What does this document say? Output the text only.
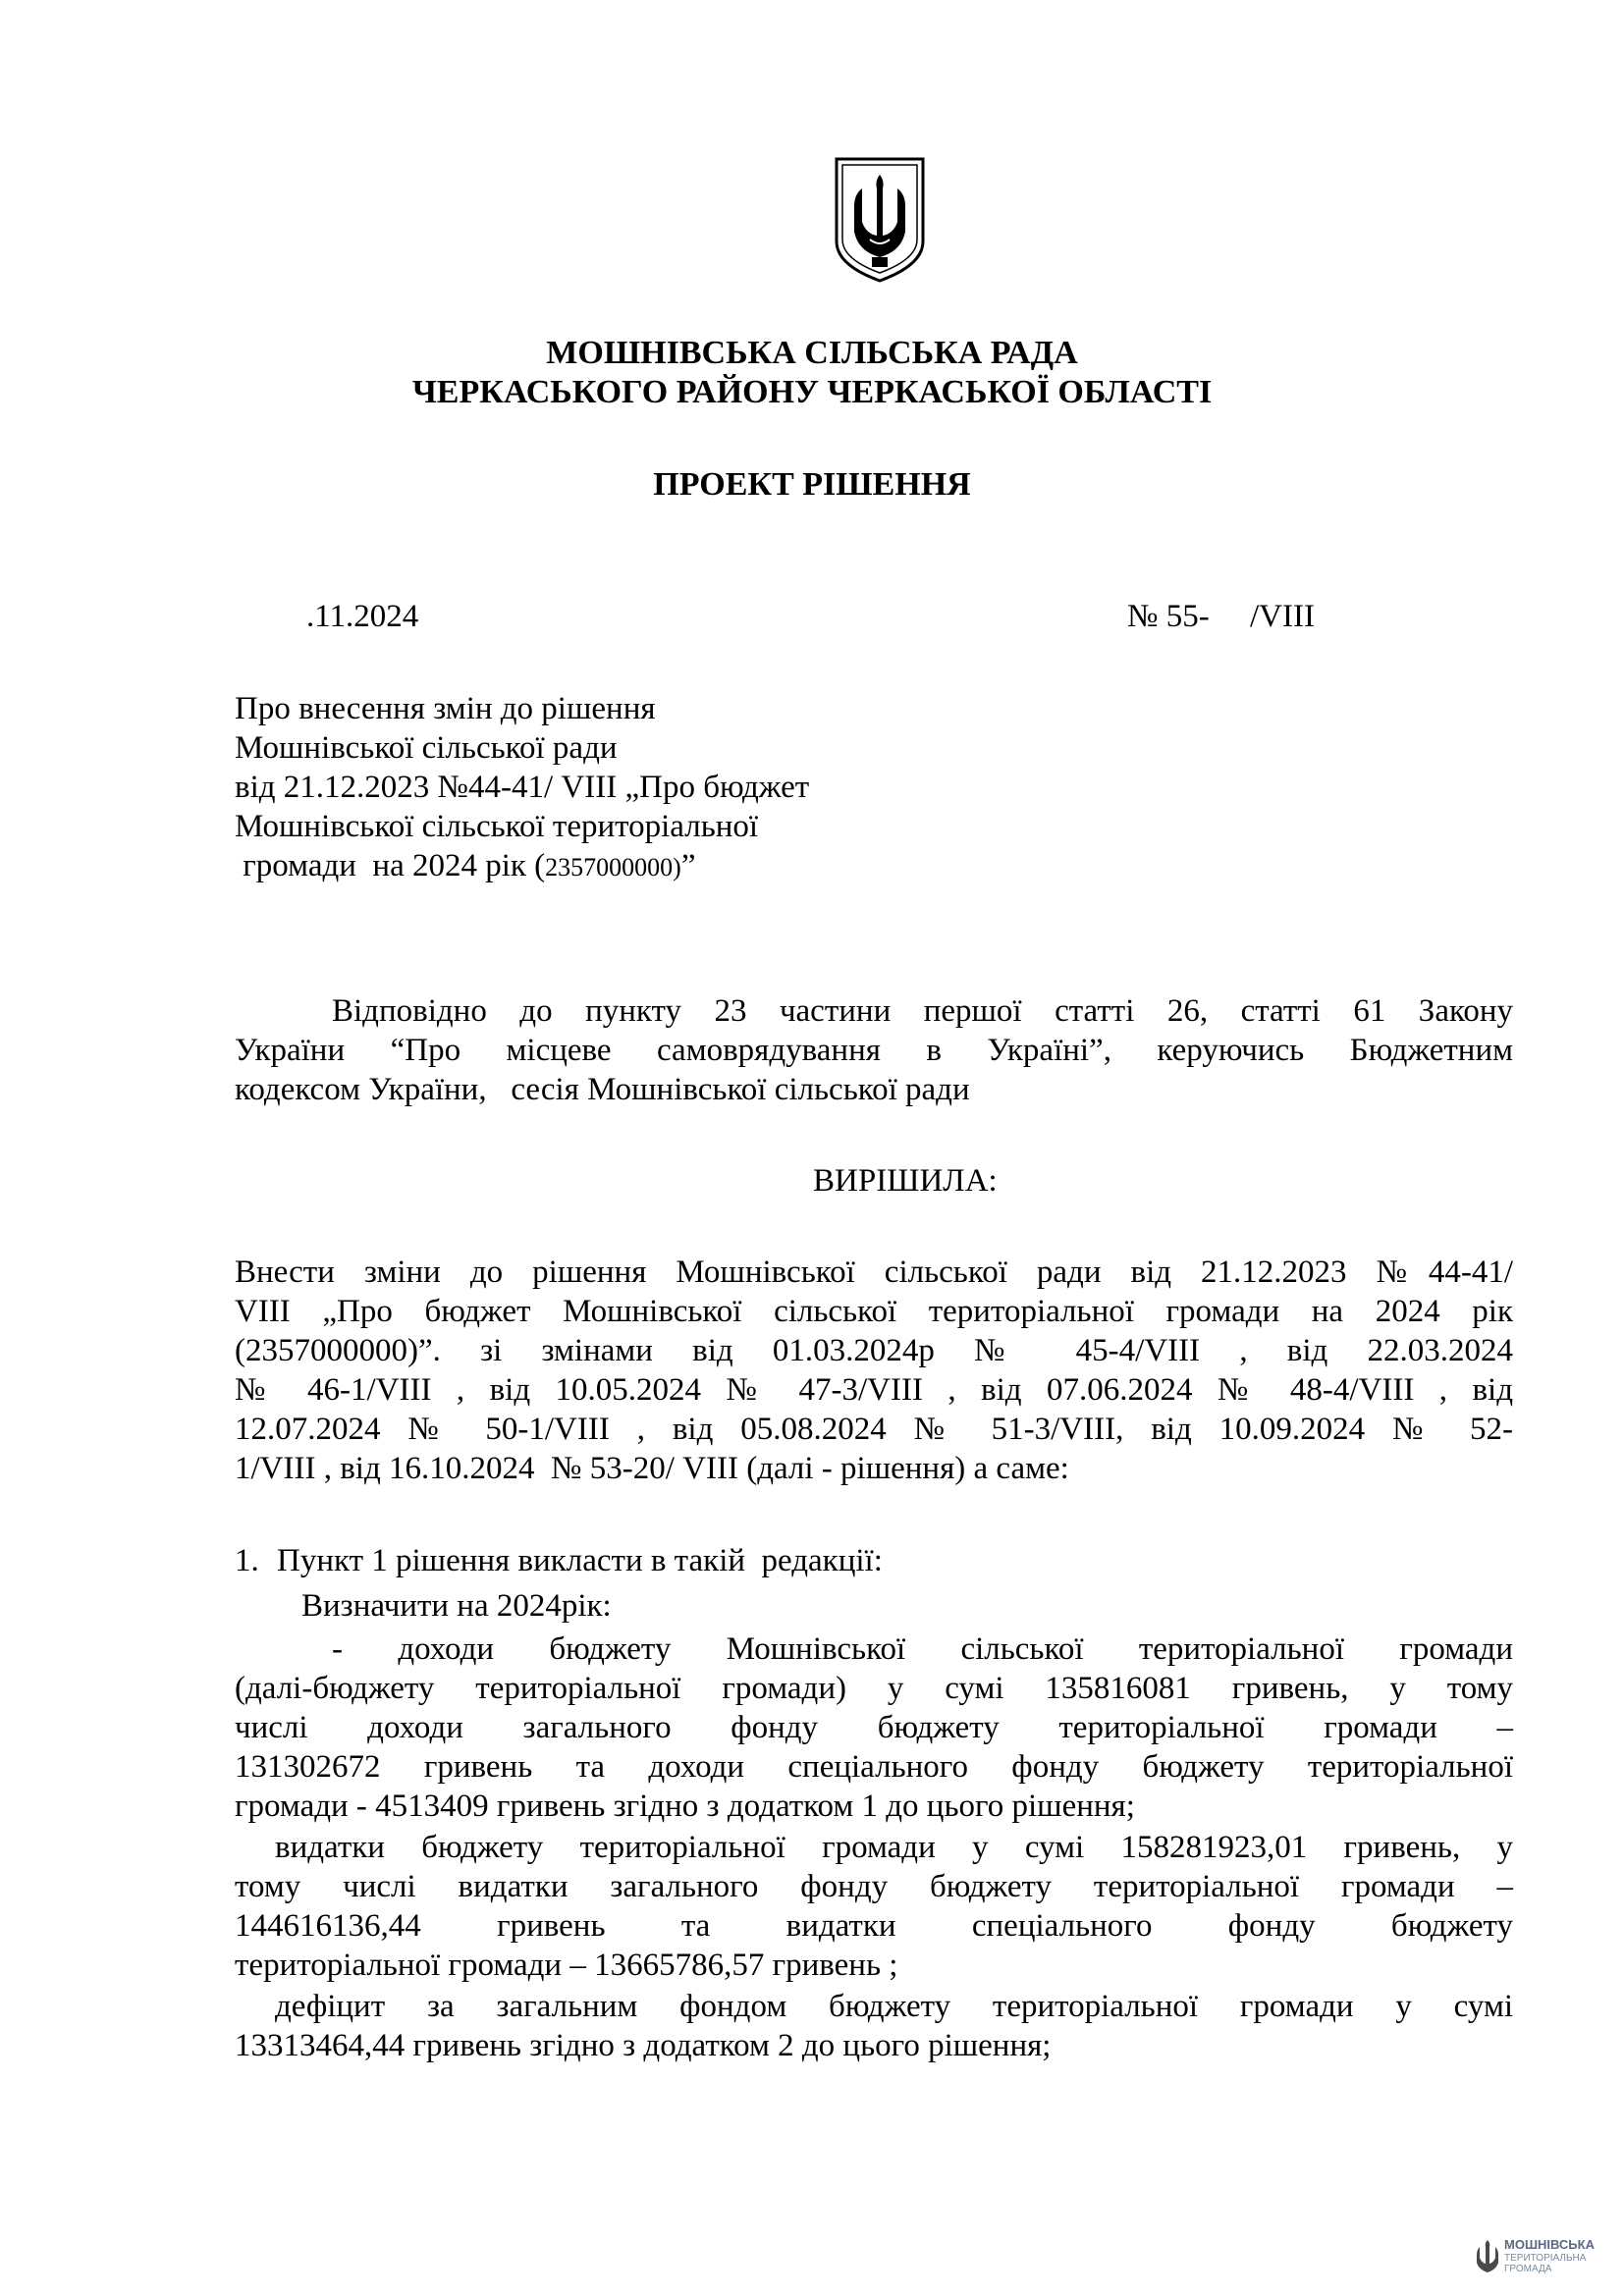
МОШНІВСЬКА СІЛЬСЬКА РАДА
ЧЕРКАСЬКОГО РАЙОНУ ЧЕРКАСЬКОЇ ОБЛАСТІ
ПРОЕКТ РІШЕННЯ
.11.2024	№ 55-     /VIII
Про внесення змін до рішення
Мошнівської сільської ради
від 21.12.2023 №44-41/ VIII „Про бюджет
Мошнівської сільської територіальної
громади  на 2024 рік (2357000000)”
Відповідно до пункту 23 частини першої статті 26, статті 61 Закону
України “Про місцеве самоврядування в Україні”, керуючись Бюджетним
кодексом України,   сесія Мошнівської сільської ради
ВИРІШИЛА:
Внести зміни до рішення Мошнівської сільської ради від 21.12.2023 №44-41/
VIII „Про бюджет Мошнівської сільської територіальної громади на 2024 рік
(2357000000)”. зі змінами від 01.03.2024р № 45-4/VIII , від 22.03.2024
№ 46-1/VIII , від 10.05.2024 № 47-3/VIII , від 07.06.2024 № 48-4/VIII , від
12.07.2024 № 50-1/VIII , від 05.08.2024 № 51-3/VIII, від 10.09.2024 № 52-
1/VIII , від 16.10.2024  № 53-20/ VIII (далі - рішення) а саме:
1. Пункт 1 рішення викласти в такій  редакції:
Визначити на 2024рік:
- доходи бюджету Мошнівської сільської територіальної громади
(далі-бюджету територіальної громади) у сумі 135816081 гривень, у тому
числі доходи загального фонду бюджету територіальної громади –
131302672 гривень та доходи спеціального фонду бюджету територіальної
громади - 4513409 гривень згідно з додатком 1 до цього рішення;
видатки бюджету територіальної громади у сумі 158281923,01 гривень, у
тому числі видатки загального фонду бюджету територіальної громади –
144616136,44 гривень та видатки спеціального фонду бюджету
територіальної громади – 13665786,57 гривень ;
дефіцит за загальним фондом бюджету територіальної громади у сумі
13313464,44 гривень згідно з додатком 2 до цього рішення;
МОШНІВСЬКА
ТЕРИТОРІАЛЬНА
ГРОМАДА
